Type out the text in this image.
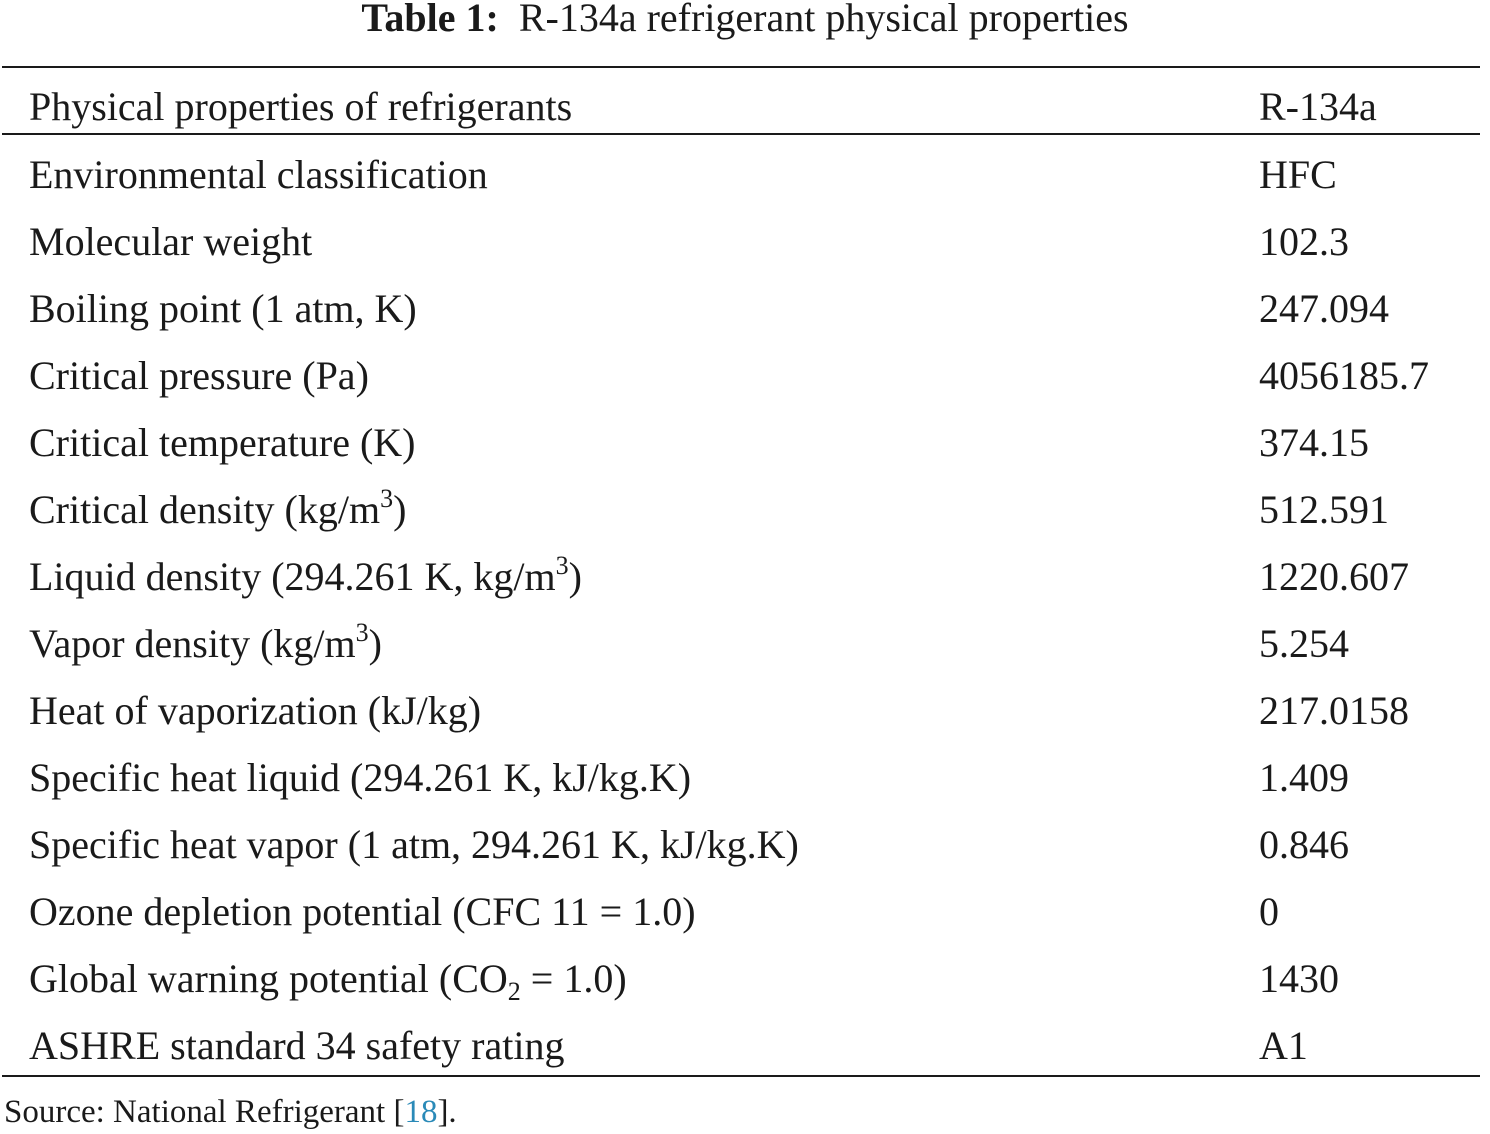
Table 1: R-134a refrigerant physical properties
Physical properties of refrigerants	R-134a
Environmental classification	HFC
Molecular weight	102.3
Boiling point (1 atm, K)	247.094
Critical pressure (Pa)	4056185.7
Critical temperature (K)	374.15
Critical density $(kg/m^3)$	512.591
Liquid density (294.261 K, $kg/m^3$)	1220.607
Vapor density $(kg/m^3)$	5.254
Heat of vaporization (kJ/kg)	217.0158
Specific heat liquid (294.261 K, kJ/kg.K)	1.409
Specific heat vapor (1 atm, 294.261 K, kJ/kg.K)	0.846
Ozone depletion potential (CFC 11 = 1.0)	0
Global warning potential $(CO_2 = 1.0)$	1430
ASHRE standard 34 safety rating	A1
Source: National Refrigerant [18].
